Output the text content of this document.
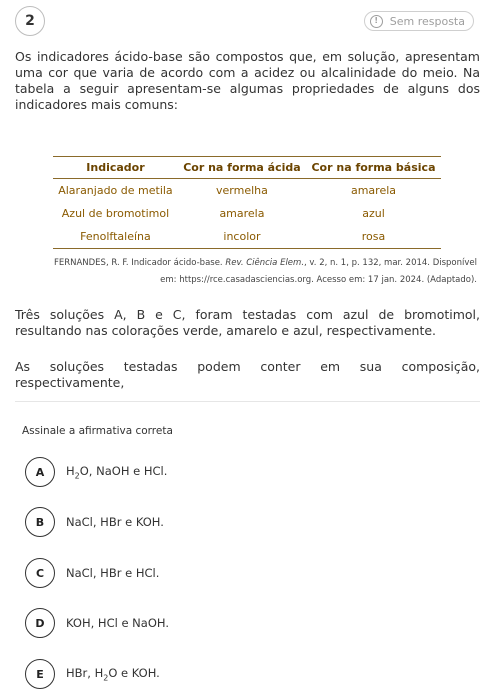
2	!	Sem resposta
Os indicadores ácido-base são compostos que, em solução, apresentam uma cor que varia de acordo com a acidez ou alcalinidade do meio. Na tabela a seguir apresentam-se algumas propriedades de alguns dos indicadores mais comuns:
Indicador	Cor na forma ácida	Cor na forma básica
Alaranjado de metila	vermelha	amarela
Azul de bromotimol	amarela	azul
Fenolftaleína	incolor	rosa
FERNANDES, R. F. Indicador ácido-base. Rev. Ciência Elem., v. 2, n. 1, p. 132, mar. 2014. Disponível
em: https://rce.casadasciencias.org. Acesso em: 17 jan. 2024. (Adaptado).
Três soluções A, B e C, foram testadas com azul de bromotimol, resultando nas colorações verde, amarelo e azul, respectivamente.
As soluções testadas podem conter em sua composição, respectivamente,
Assinale a afirmativa correta
A	$H_2O$, NaOH e HCl.
B	NaCl, HBr e KOH.
C	NaCl, HBr e HCl.
D	KOH, HCl e NaOH.
E	HBr, $H_2O$ e KOH.
